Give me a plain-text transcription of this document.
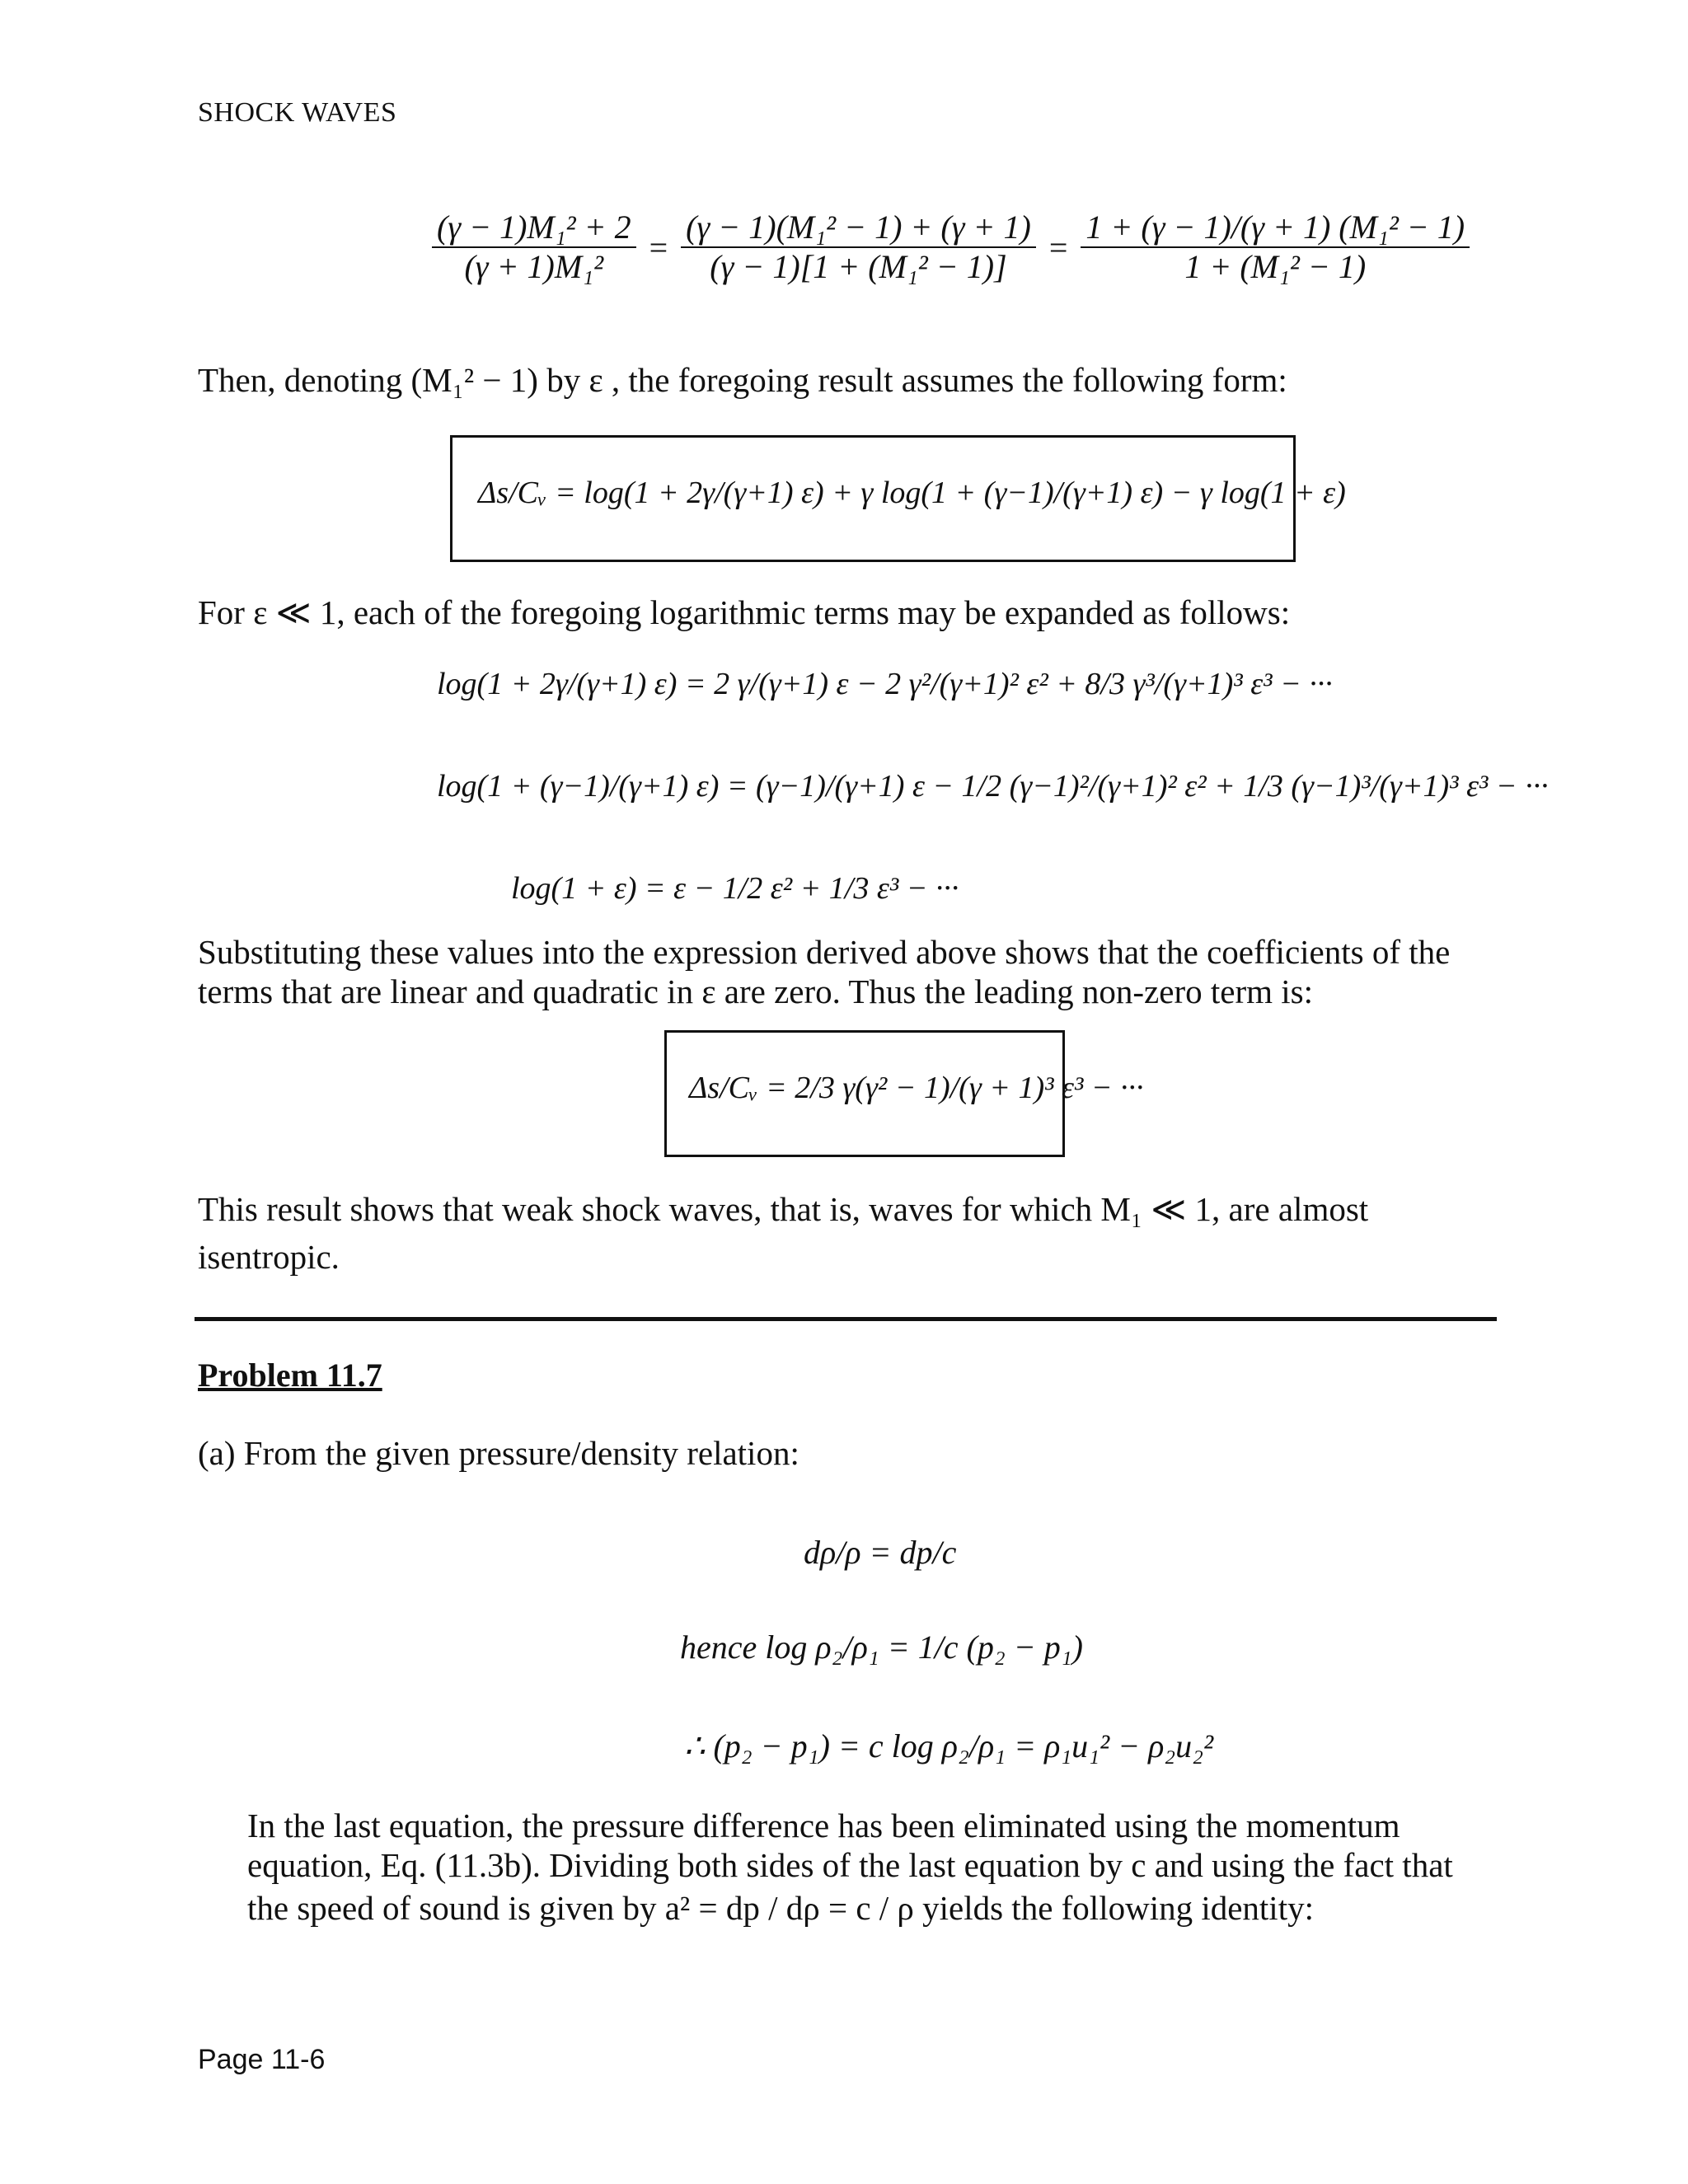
SHOCK WAVES
$\frac{\text{(γ − 1)M₁² + 2}}{\text{(γ + 1)M₁²}} = \frac{\text{(γ − 1)(M₁² − 1) + (γ + 1)}}{\text{(γ − 1)[1 + (M₁² − 1)]}} = \frac{\text{1 + (γ − 1)/(γ + 1) (M₁² − 1)}}{\text{1 + (M₁² − 1)}}$
Then, denoting (M₁² − 1) by ε , the foregoing result assumes the following form:
Δs/Cᵥ = log(1 + 2γ/(γ+1) ε) + γ log(1 + (γ−1)/(γ+1) ε) − γ log(1 + ε)
For ε ≪ 1, each of the foregoing logarithmic terms may be expanded as follows:
log(1 + 2γ/(γ+1) ε) = 2 γ/(γ+1) ε − 2 γ²/(γ+1)² ε² + 8/3 γ³/(γ+1)³ ε³ − ···
log(1 + (γ−1)/(γ+1) ε) = (γ−1)/(γ+1) ε − 1/2 (γ−1)²/(γ+1)² ε² + 1/3 (γ−1)³/(γ+1)³ ε³ − ···
log(1 + ε) = ε − 1/2 ε² + 1/3 ε³ − ···
Substituting these values into the expression derived above shows that the coefficients of the
terms that are linear and quadratic in ε are zero. Thus the leading non-zero term is:
Δs/Cᵥ = 2/3 γ(γ² − 1)/(γ + 1)³ ε³ − ···
This result shows that weak shock waves, that is, waves for which M₁ ≪ 1, are almost
isentropic.
Problem 11.7
(a) From the given pressure/density relation:
dρ/ρ = dp/c
hence log ρ₂/ρ₁ = 1/c (p₂ − p₁)
∴ (p₂ − p₁) = c log ρ₂/ρ₁ = ρ₁u₁² − ρ₂u₂²
In the last equation, the pressure difference has been eliminated using the momentum
equation, Eq. (11.3b). Dividing both sides of the last equation by c and using the fact that
the speed of sound is given by a² = dp / dρ = c / ρ yields the following identity:
Page 11-6
